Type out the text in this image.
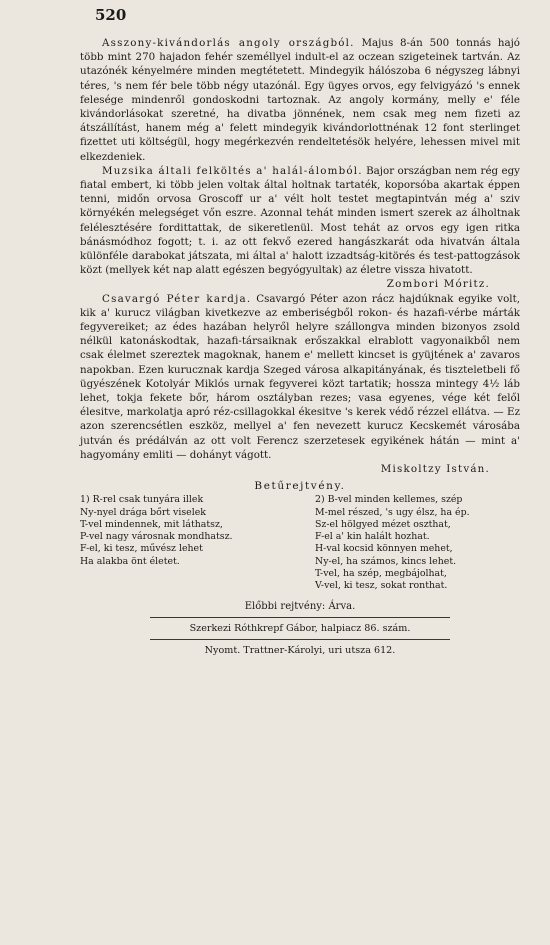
520

Asszony-kivándorlás angoly országból. Majus 8-án 500 tonnás hajó több mint 270 hajadon fehér személlyel indult-el az oczean szigeteinek tartván. Az utazónék kényelmére minden megtétetett. Mindegyik hálószoba 6 négyszeg lábnyi téres, 's nem fér bele több négy utazónál. Egy ügyes orvos, egy felvigyázó 's ennek felesége mindenről gondoskodni tartoznak. Az angoly kormány, melly e' féle kivándorlásokat szeretné, ha divatba jönnének, nem csak meg nem fizeti az átszállítást, hanem még a' felett mindegyik kivándorlottnénak 12 font sterlinget fizettet uti költségül, hogy megérkezvén rendeltetésök helyére, lehessen mivel mit elkezdeniek.

Muzsika általi felköltés a' halál-álomból. Bajor országban nem rég egy fiatal embert, ki több jelen voltak által holtnak tartaték, koporsóba akartak éppen tenni, midőn orvosa Groscoff ur a' vélt holt testet megtapintván még a' sziv környékén melegséget vőn eszre. Azonnal tehát minden ismert szerek az álholtnak felélesztésére fordittattak, de sikeretlenül. Most tehát az orvos egy igen ritka bánásmódhoz fogott; t. i. az ott fekvő ezered hangászkarát oda hivatván általa különféle darabokat játszata, mi által a' halott izzadtság-kitörés és test-pattogzások közt (mellyek két nap alatt egészen begyógyultak) az életre vissza hivatott.
Zombori Móritz.

Csavargó Péter kardja. Csavargó Péter azon rácz hajdúknak egyike volt, kik a' kurucz világban kivetkezve az emberiségből rokon- és hazafi-vérbe márták fegyvereiket; az édes hazában helyről helyre szállongva minden bizonyos zsold nélkül katonáskodtak, hazafi-társaiknak erőszakkal elrablott vagyonaikből nem csak élelmet szereztek magoknak, hanem e' mellett kincset is gyüjtének a' zavaros napokban. Ezen kurucznak kardja Szeged városa alkapitányának, és tiszteletbeli fő ügyészének Kotolyár Miklós urnak fegyverei közt tartatik; hossza mintegy 4½ láb lehet, tokja fekete bőr, három osztályban rezes; vasa egyenes, vége két felől élesitve, markolatja apró réz-csillagokkal ékesitve 's kerek védő rézzel ellátva. — Ez azon szerencsétlen eszköz, mellyel a' fen nevezett kurucz Kecskemét városába jutván és prédálván az ott volt Ferencz szerzetesek egyikének hátán — mint a' hagyomány emliti — dohányt vágott.
Miskoltzy István.

Betűrejtvény.
1) R-rel csak tunyára illek
Ny-nyel drága bőrt viselek
T-vel mindennek, mit láthatsz,
P-vel nagy városnak mondhatsz.
F-el, ki tesz, művész lehet
Ha alakba önt életet.
2) B-vel minden kellemes, szép
M-mel részed, 's ugy élsz, ha ép.
Sz-el hölgyed mézet oszthat,
F-el a' kin halált hozhat.
H-val kocsid könnyen mehet,
Ny-el, ha számos, kincs lehet.
T-vel, ha szép, megbájolhat,
V-vel, ki tesz, sokat ronthat.
Előbbi rejtvény: Árva.
Szerkezi Róthkrepf Gábor, halpiacz 86. szám.
Nyomt. Trattner-Károlyi, uri utsza 612.
